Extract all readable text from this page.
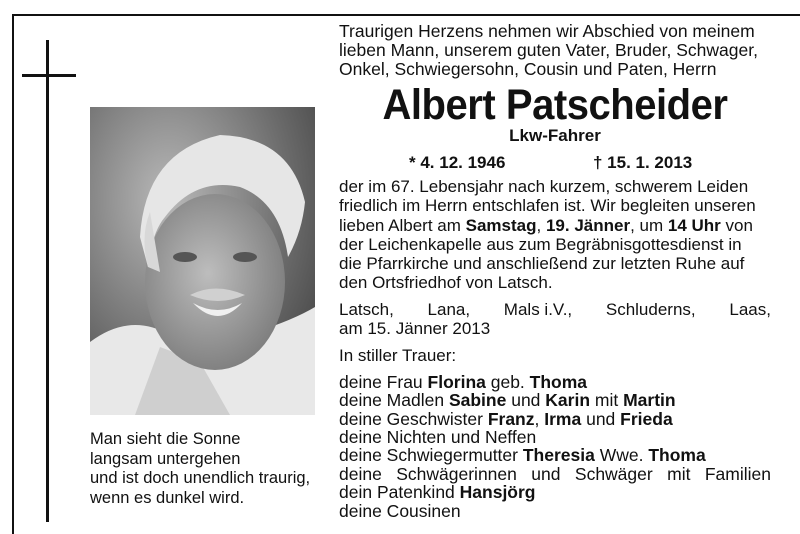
Man sieht die Sonne
langsam untergehen
und ist doch unendlich traurig,
wenn es dunkel wird.
Traurigen Herzens nehmen wir Abschied von meinem
lieben Mann, unserem guten Vater, Bruder, Schwager,
Onkel, Schwiegersohn, Cousin und Paten, Herrn
Albert Patscheider
Lkw-Fahrer
* 4. 12. 1946	† 15. 1. 2013
der im 67. Lebensjahr nach kurzem, schwerem Leiden
friedlich im Herrn entschlafen ist. Wir begleiten unseren
lieben Albert am Samstag, 19. Jänner, um 14 Uhr von
der Leichenkapelle aus zum Begräbnisgottesdienst in
die Pfarrkirche und anschließend zur letzten Ruhe auf
den Ortsfriedhof von Latsch.
Latsch, Lana, Mals i.V., Schluderns, Laas,
am 15. Jänner 2013
In stiller Trauer:
deine Frau Florina geb. Thoma
deine Madlen Sabine und Karin mit Martin
deine Geschwister Franz, Irma und Frieda
deine Nichten und Neffen
deine Schwiegermutter Theresia Wwe. Thoma
deine Schwägerinnen und Schwäger mit Familien
dein Patenkind Hansjörg
deine Cousinen
